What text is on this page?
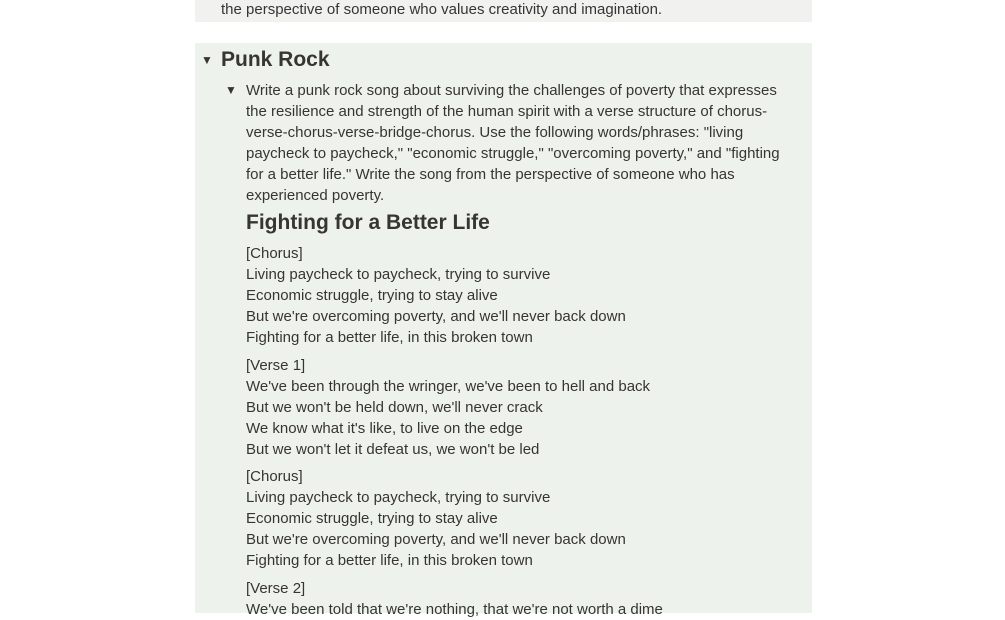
the perspective of someone who values creativity and imagination.
▼ Punk Rock
▼ Write a punk rock song about surviving the challenges of poverty that expresses the resilience and strength of the human spirit with a verse structure of chorus-verse-chorus-verse-bridge-chorus. Use the following words/phrases: "living paycheck to paycheck," "economic struggle," "overcoming poverty," and "fighting for a better life." Write the song from the perspective of someone who has experienced poverty.
Fighting for a Better Life
[Chorus]
Living paycheck to paycheck, trying to survive
Economic struggle, trying to stay alive
But we're overcoming poverty, and we'll never back down
Fighting for a better life, in this broken town
[Verse 1]
We've been through the wringer, we've been to hell and back
But we won't be held down, we'll never crack
We know what it's like, to live on the edge
But we won't let it defeat us, we won't be led
[Chorus]
Living paycheck to paycheck, trying to survive
Economic struggle, trying to stay alive
But we're overcoming poverty, and we'll never back down
Fighting for a better life, in this broken town
[Verse 2]
We've been told that we're nothing, that we're not worth a dime
